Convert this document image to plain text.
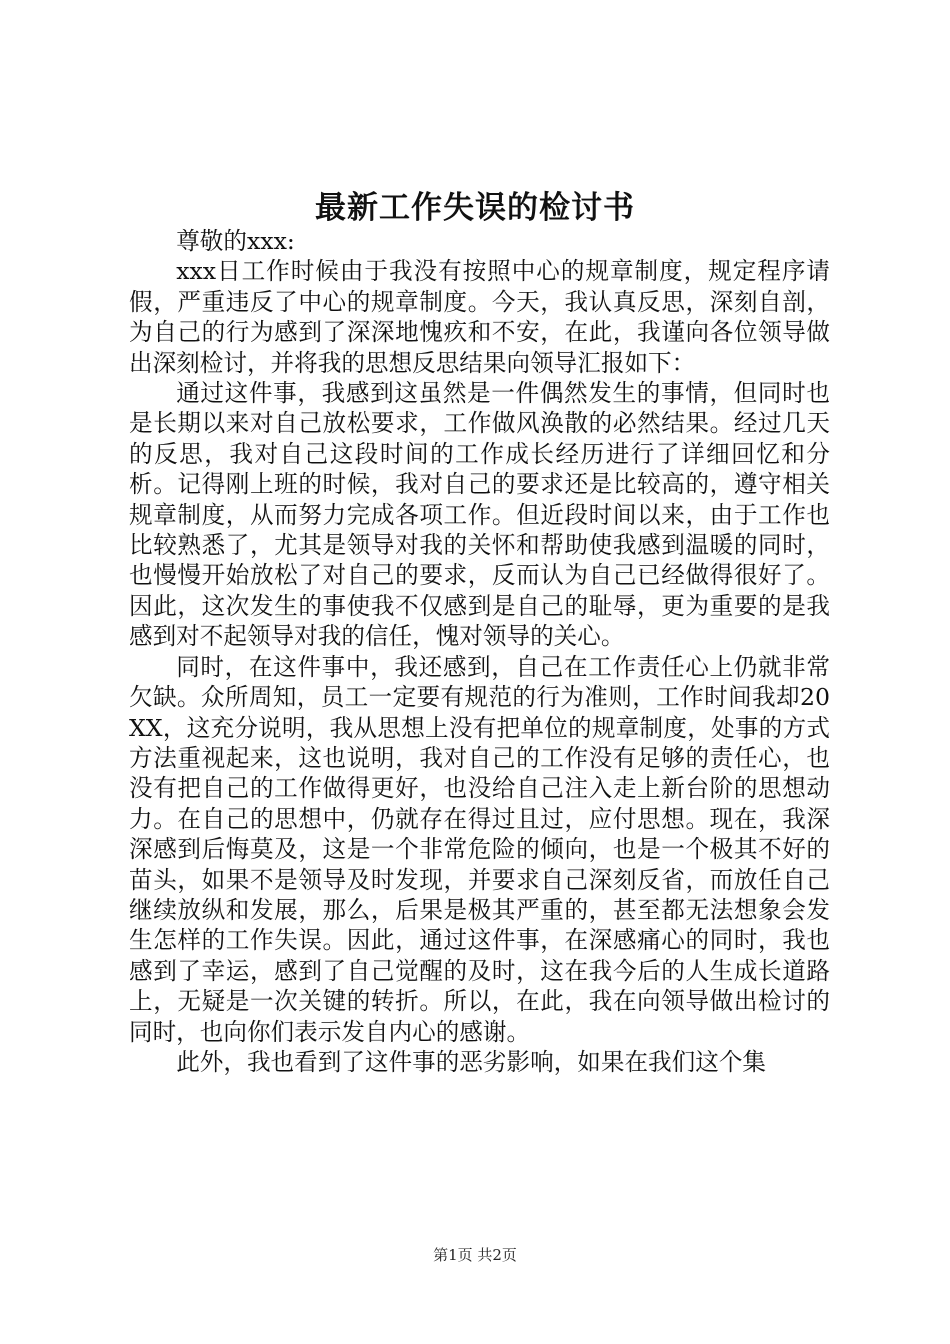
最新工作失误的检讨书

尊敬的xxx:

xxx日工作时候由于我没有按照中心的规章制度，规定程序请假，严重违反了中心的规章制度。今天，我认真反思，深刻自剖，为自己的行为感到了深深地愧疚和不安，在此，我谨向各位领导做出深刻检讨，并将我的思想反思结果向领导汇报如下：

通过这件事，我感到这虽然是一件偶然发生的事情，但同时也是长期以来对自己放松要求，工作做风涣散的必然结果。经过几天的反思，我对自己这段时间的工作成长经历进行了详细回忆和分析。记得刚上班的时候，我对自己的要求还是比较高的，遵守相关规章制度，从而努力完成各项工作。但近段时间以来，由于工作也比较熟悉了，尤其是领导对我的关怀和帮助使我感到温暖的同时，也慢慢开始放松了对自己的要求，反而认为自己已经做得很好了。因此，这次发生的事使我不仅感到是自己的耻辱，更为重要的是我感到对不起领导对我的信任，愧对领导的关心。

同时，在这件事中，我还感到，自己在工作责任心上仍就非常欠缺。众所周知，员工一定要有规范的行为准则，工作时间我却20XX，这充分说明，我从思想上没有把单位的规章制度，处事的方式方法重视起来，这也说明，我对自己的工作没有足够的责任心，也没有把自己的工作做得更好，也没给自己注入走上新台阶的思想动力。在自己的思想中，仍就存在得过且过，应付思想。现在，我深深感到后悔莫及，这是一个非常危险的倾向，也是一个极其不好的苗头，如果不是领导及时发现，并要求自己深刻反省，而放任自己继续放纵和发展，那么，后果是极其严重的，甚至都无法想象会发生怎样的工作失误。因此，通过这件事，在深感痛心的同时，我也感到了幸运，感到了自己觉醒的及时，这在我今后的人生成长道路上，无疑是一次关键的转折。所以，在此，我在向领导做出检讨的同时，也向你们表示发自内心的感谢。

此外，我也看到了这件事的恶劣影响，如果在我们这个集

第1页 共2页
